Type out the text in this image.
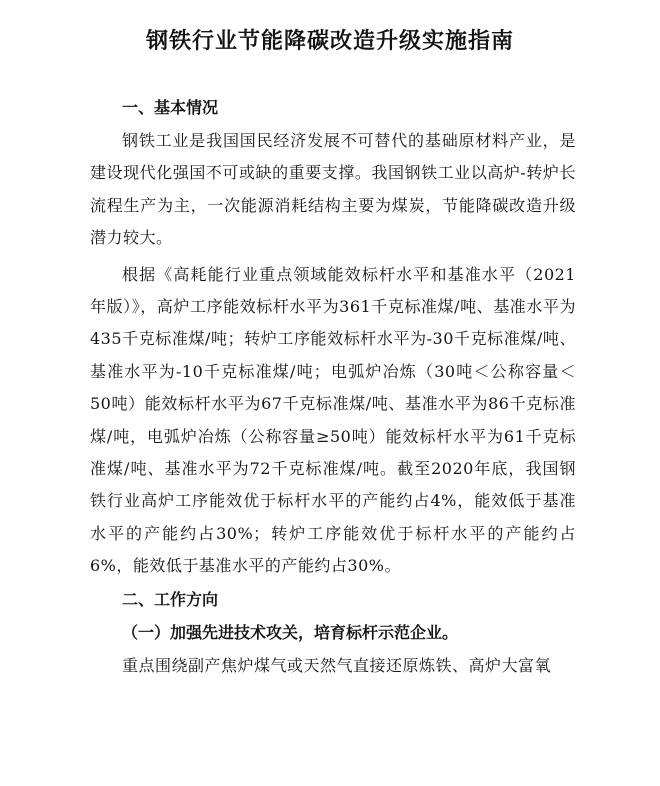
钢铁行业节能降碳改造升级实施指南
一、基本情况

钢铁工业是我国国民经济发展不可替代的基础原材料产业，是建设现代化强国不可或缺的重要支撑。我国钢铁工业以高炉-转炉长流程生产为主，一次能源消耗结构主要为煤炭，节能降碳改造升级潜力较大。

根据《高耗能行业重点领域能效标杆水平和基准水平（2021年版）》，高炉工序能效标杆水平为361千克标准煤/吨、基准水平为435千克标准煤/吨；转炉工序能效标杆水平为-30千克标准煤/吨、基准水平为-10千克标准煤/吨；电弧炉冶炼（30吨＜公称容量＜50吨）能效标杆水平为67千克标准煤/吨、基准水平为86千克标准煤/吨，电弧炉冶炼（公称容量≥50吨）能效标杆水平为61千克标准煤/吨、基准水平为72千克标准煤/吨。截至2020年底，我国钢铁行业高炉工序能效优于标杆水平的产能约占4%，能效低于基准水平的产能约占30%；转炉工序能效优于标杆水平的产能约占6%，能效低于基准水平的产能约占30%。

二、工作方向
（一）加强先进技术攻关，培育标杆示范企业。

重点围绕副产焦炉煤气或天然气直接还原炼铁、高炉大富氧
